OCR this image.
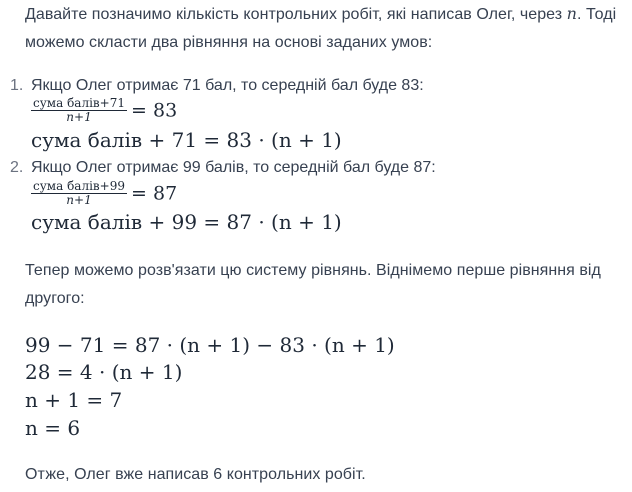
Давайте позначимо кількість контрольних робіт, які написав Олег, через n. Тоді можемо скласти два рівняння на основі заданих умов:
1. Якщо Олег отримає 71 бал, то середній бал буде 83:
$\frac{\text{сума балів+71}}{n+1} = 83$
сума балів + 71 = 83 · (n + 1)
2. Якщо Олег отримає 99 балів, то середній бал буде 87:
$\frac{\text{сума балів+99}}{n+1} = 87$
сума балів + 99 = 87 · (n + 1)
Тепер можемо розв'язати цю систему рівнянь. Віднімемо перше рівняння від другого:
99 − 71 = 87 · (n + 1) − 83 · (n + 1)
28 = 4 · (n + 1)
n + 1 = 7
n = 6
Отже, Олег вже написав 6 контрольних робіт.
